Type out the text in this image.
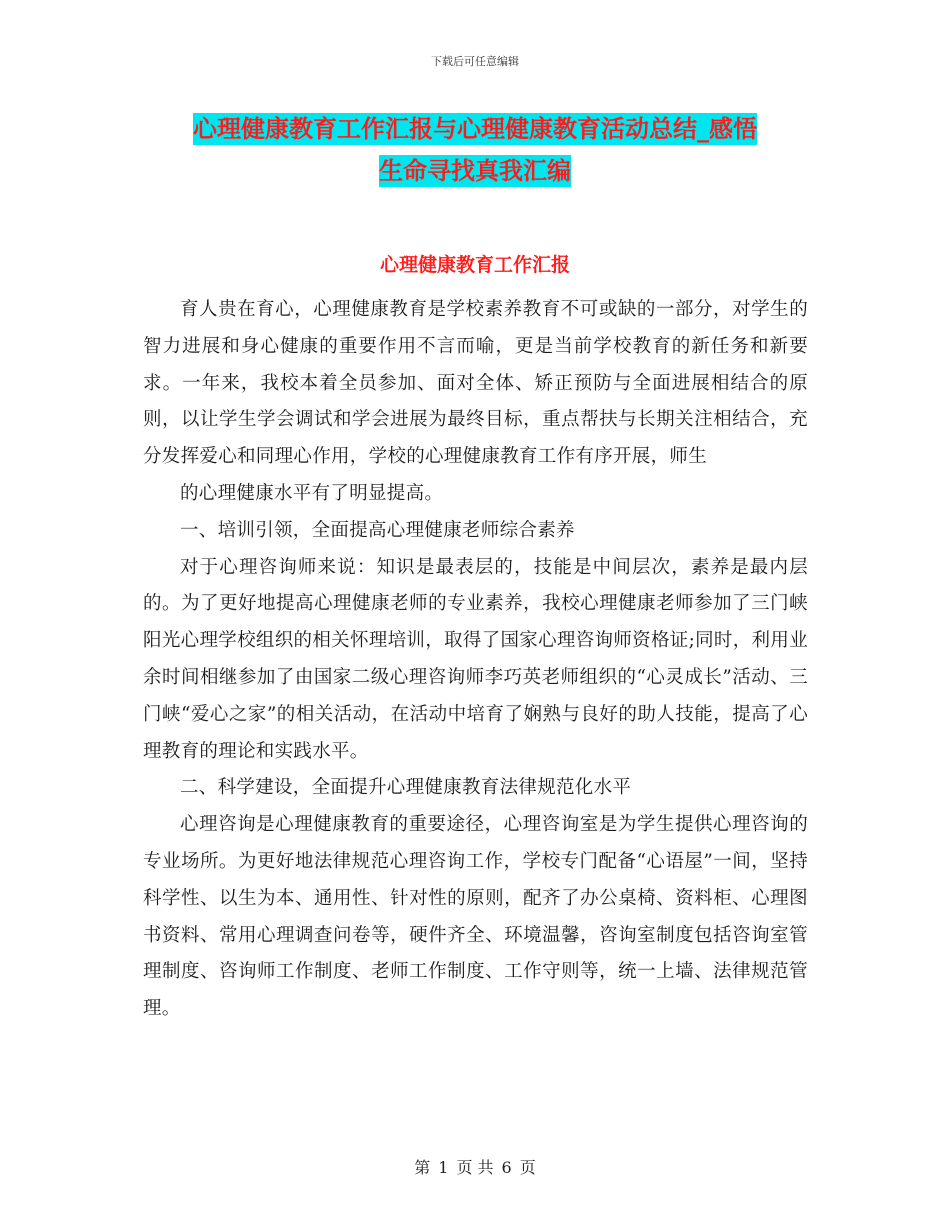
下载后可任意编辑
心理健康教育工作汇报与心理健康教育活动总结_感悟
生命寻找真我汇编
心理健康教育工作汇报

育人贵在育心，心理健康教育是学校素养教育不可或缺的一部分，对学生的智力进展和身心健康的重要作用不言而喻，更是当前学校教育的新任务和新要求。一年来，我校本着全员参加、面对全体、矫正预防与全面进展相结合的原则，以让学生学会调试和学会进展为最终目标，重点帮扶与长期关注相结合，充分发挥爱心和同理心作用，学校的心理健康教育工作有序开展，师生

的心理健康水平有了明显提高。

一、培训引领，全面提高心理健康老师综合素养

对于心理咨询师来说：知识是最表层的，技能是中间层次，素养是最内层的。为了更好地提高心理健康老师的专业素养，我校心理健康老师参加了三门峡阳光心理学校组织的相关怀理培训，取得了国家心理咨询师资格证;同时，利用业余时间相继参加了由国家二级心理咨询师李巧英老师组织的“心灵成长”活动、三门峡“爱心之家”的相关活动，在活动中培育了娴熟与良好的助人技能，提高了心理教育的理论和实践水平。

二、科学建设，全面提升心理健康教育法律规范化水平

心理咨询是心理健康教育的重要途径，心理咨询室是为学生提供心理咨询的专业场所。为更好地法律规范心理咨询工作，学校专门配备“心语屋”一间，坚持科学性、以生为本、通用性、针对性的原则，配齐了办公桌椅、资料柜、心理图书资料、常用心理调查问卷等，硬件齐全、环境温馨，咨询室制度包括咨询室管理制度、咨询师工作制度、老师工作制度、工作守则等，统一上墙、法律规范管理。

第 1 页 共 6 页
